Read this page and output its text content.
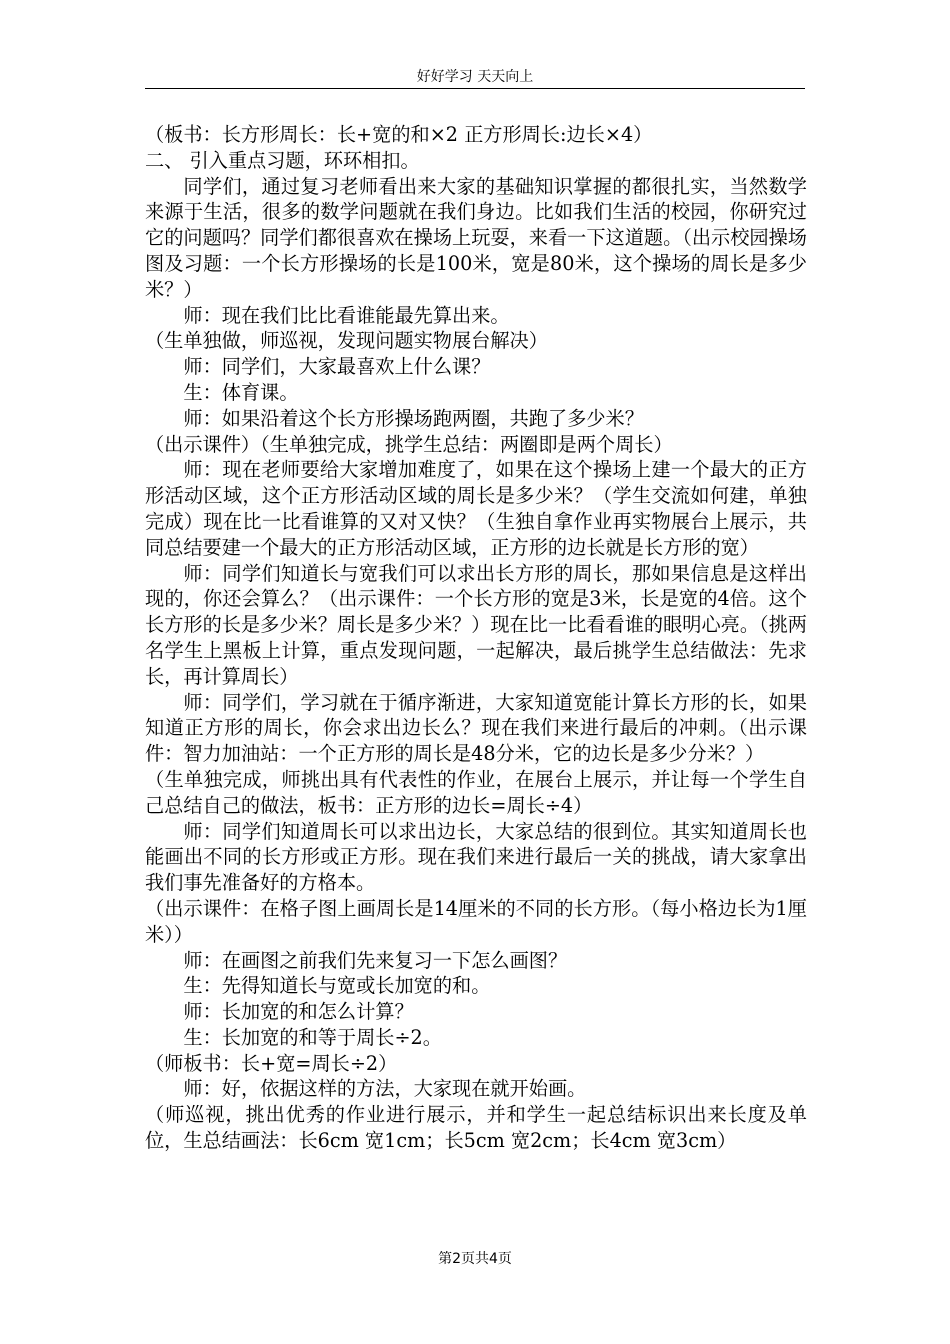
好好学习 天天向上

（板书：长方形周长：长+宽的和×2 正方形周长:边长×4）

二、 引入重点习题，环环相扣。

同学们，通过复习老师看出来大家的基础知识掌握的都很扎实，当然数学来源于生活，很多的数学问题就在我们身边。比如我们生活的校园，你研究过它的问题吗？同学们都很喜欢在操场上玩耍，来看一下这道题。（出示校园操场图及习题：一个长方形操场的长是100米，宽是80米，这个操场的周长是多少米？）

师：现在我们比比看谁能最先算出来。

（生单独做，师巡视，发现问题实物展台解决）

师：同学们，大家最喜欢上什么课？

生：体育课。

师：如果沿着这个长方形操场跑两圈，共跑了多少米？

（出示课件）（生单独完成，挑学生总结：两圈即是两个周长）

师：现在老师要给大家增加难度了，如果在这个操场上建一个最大的正方形活动区域，这个正方形活动区域的周长是多少米？（学生交流如何建，单独完成）现在比一比看谁算的又对又快？（生独自拿作业再实物展台上展示，共同总结要建一个最大的正方形活动区域，正方形的边长就是长方形的宽）

师：同学们知道长与宽我们可以求出长方形的周长，那如果信息是这样出现的，你还会算么？（出示课件：一个长方形的宽是3米，长是宽的4倍。这个长方形的长是多少米？周长是多少米？）现在比一比看看谁的眼明心亮。（挑两名学生上黑板上计算，重点发现问题，一起解决，最后挑学生总结做法：先求长，再计算周长）

师：同学们，学习就在于循序渐进，大家知道宽能计算长方形的长，如果知道正方形的周长，你会求出边长么？现在我们来进行最后的冲刺。（出示课件：智力加油站：一个正方形的周长是48分米，它的边长是多少分米？）

（生单独完成，师挑出具有代表性的作业，在展台上展示，并让每一个学生自己总结自己的做法，板书：正方形的边长=周长÷4）

师：同学们知道周长可以求出边长，大家总结的很到位。其实知道周长也能画出不同的长方形或正方形。现在我们来进行最后一关的挑战，请大家拿出我们事先准备好的方格本。

（出示课件：在格子图上画周长是14厘米的不同的长方形。（每小格边长为1厘米））

师：在画图之前我们先来复习一下怎么画图？

生：先得知道长与宽或长加宽的和。

师：长加宽的和怎么计算？

生：长加宽的和等于周长÷2。

（师板书：长+宽=周长÷2）

师：好，依据这样的方法，大家现在就开始画。

（师巡视，挑出优秀的作业进行展示，并和学生一起总结标识出来长度及单位，生总结画法：长6cm 宽1cm；长5cm 宽2cm；长4cm 宽3cm）

第2页共4页
